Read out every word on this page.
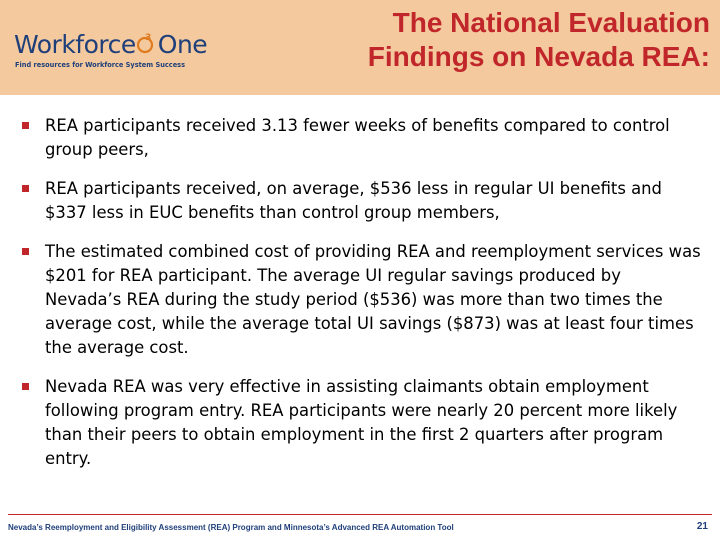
Workforce 3 One
Find resources for Workforce System Success
The National Evaluation Findings on Nevada REA:
REA participants received 3.13 fewer weeks of benefits compared to control group peers,
REA participants received, on average, $536 less in regular UI benefits and $337 less in EUC benefits than control group members,
The estimated combined cost of providing REA and reemployment services was $201 for REA participant. The average UI regular savings produced by Nevada’s REA during the study period ($536) was more than two times the average cost, while the average total UI savings ($873) was at least four times the average cost.
Nevada REA was very effective in assisting claimants obtain employment following program entry. REA participants were nearly 20 percent more likely than their peers to obtain employment in the first 2 quarters after program entry.
Nevada’s Reemployment and Eligibility Assessment (REA) Program and Minnesota’s Advanced REA Automation Tool	21
